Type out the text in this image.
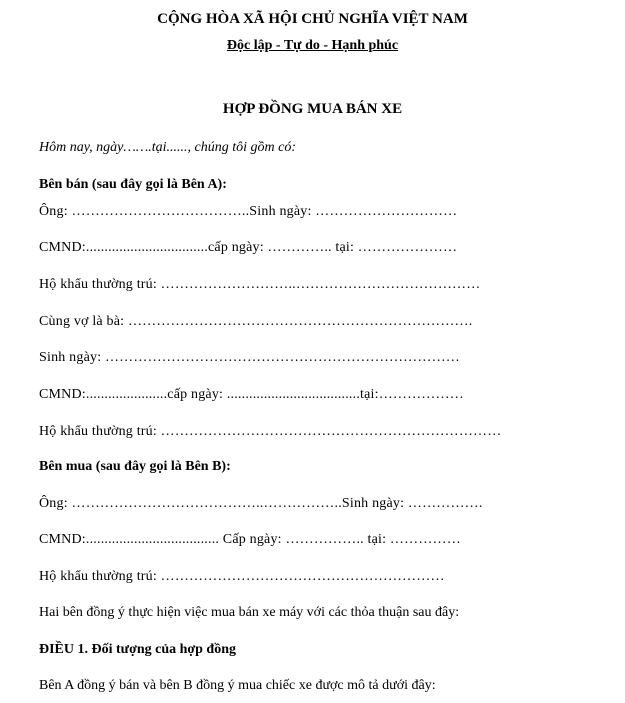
CỘNG HÒA XÃ HỘI CHỦ NGHĨA VIỆT NAM
Độc lập - Tự do - Hạnh phúc
HỢP ĐỒNG MUA BÁN XE
Hôm nay, ngày…….tại......, chúng tôi gồm có:
Bên bán (sau đây gọi là Bên A):
Ông: ………………………………..Sinh ngày: …………………………
CMND:.................................cấp ngày: ………….. tại: …………………
Hộ khẩu thường trú: ………………………..…………………………………
Cùng vợ là bà: ……………………………………………………………….
Sinh ngày: …………………………………………………………………
CMND:......................cấp ngày: ....................................tại:………………
Hộ khẩu thường trú: ………………………………………………………………
Bên mua (sau đây gọi là Bên B):
Ông: …………………………………..……………..Sinh ngày: …………….
CMND:.................................... Cấp ngày: …………….. tại: ……………
Hộ khẩu thường trú: ……………………………………………………
Hai bên đồng ý thực hiện việc mua bán xe máy với các thỏa thuận sau đây:
ĐIỀU 1. Đối tượng của hợp đồng
Bên A đồng ý bán và bên B đồng ý mua chiếc xe được mô tả dưới đây:
